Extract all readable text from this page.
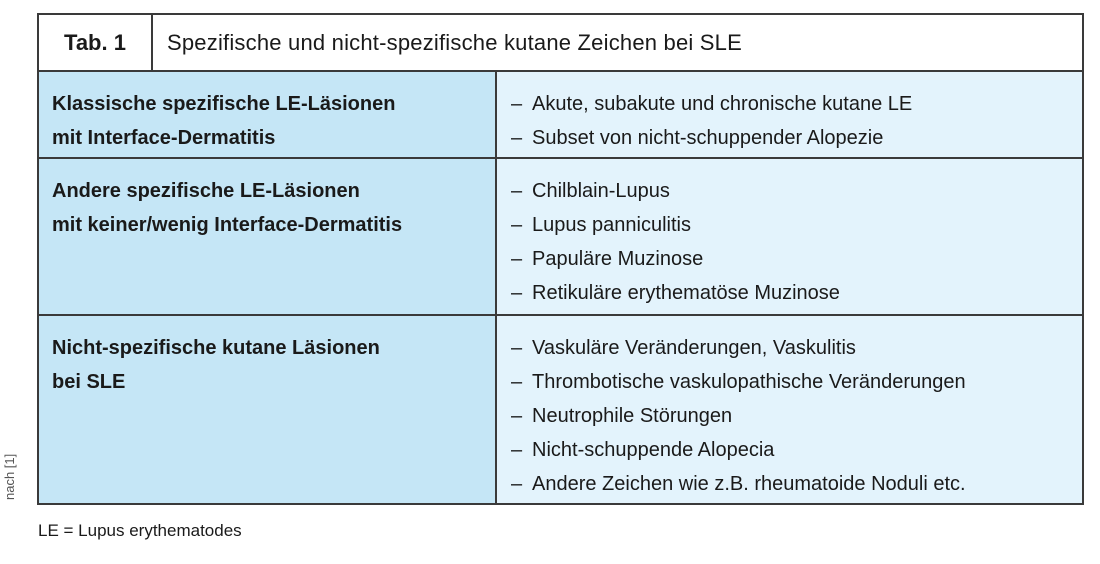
nach [1]
Tab. 1	Spezifische und nicht-spezifische kutane Zeichen bei SLE
Klassische spezifische LE-Läsionen
mit Interface-Dermatitis
– Akute, subakute und chronische kutane LE
– Subset von nicht-schuppender Alopezie
Andere spezifische LE-Läsionen
mit keiner/wenig Interface-Dermatitis
– Chilblain-Lupus
– Lupus panniculitis
– Papuläre Muzinose
– Retikuläre erythematöse Muzinose
Nicht-spezifische kutane Läsionen
bei SLE
– Vaskuläre Veränderungen, Vaskulitis
– Thrombotische vaskulopathische Veränderungen
– Neutrophile Störungen
– Nicht-schuppende Alopecia
– Andere Zeichen wie z.B. rheumatoide Noduli etc.
LE = Lupus erythematodes
